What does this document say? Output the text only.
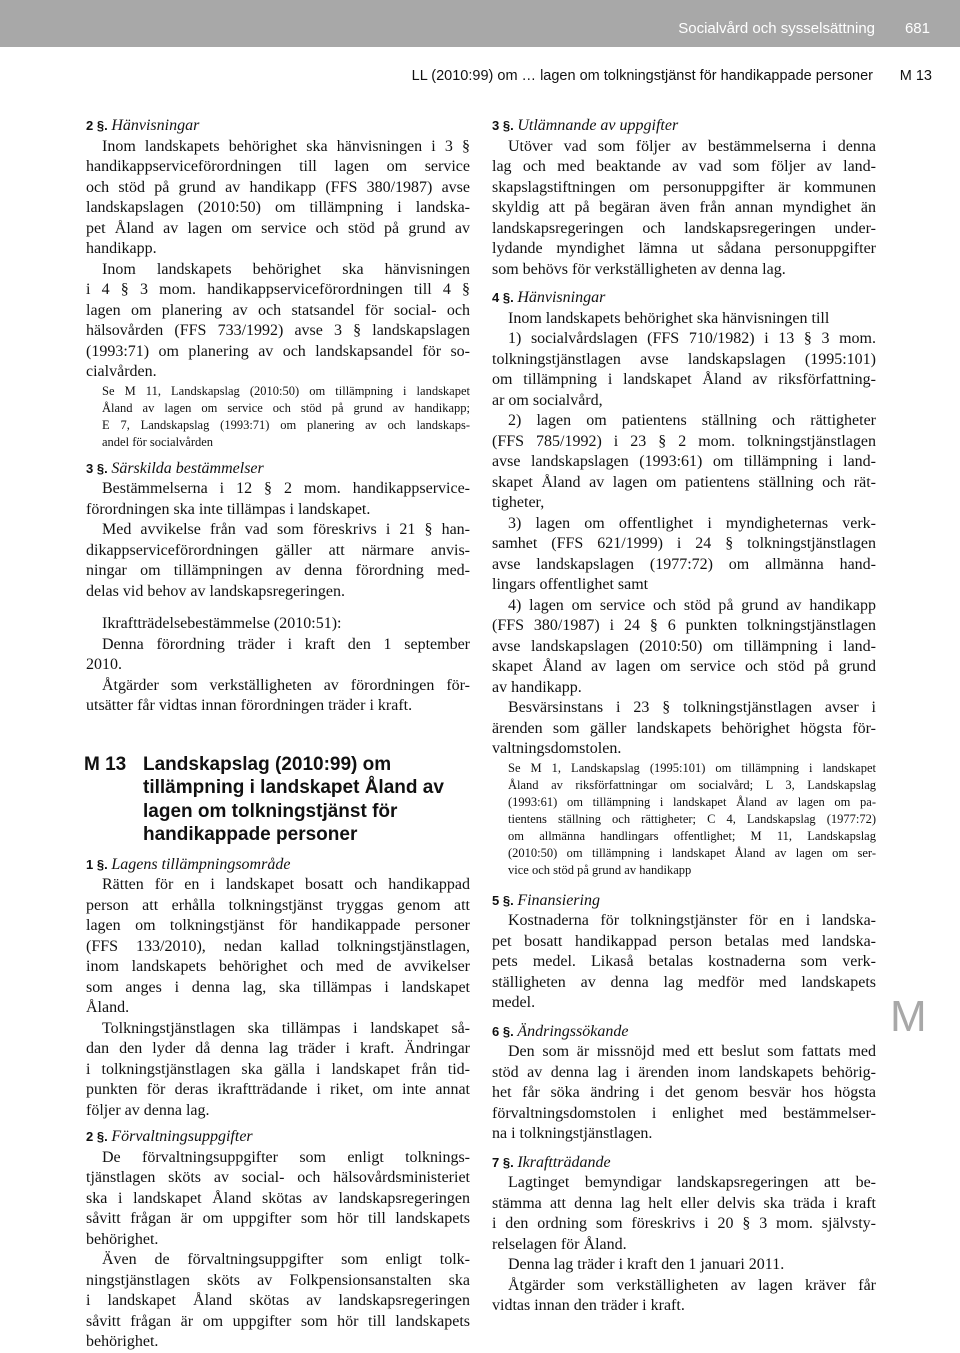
Socialvård och sysselsättning 681
LL (2010:99) om … lagen om tolkningstjänst för handikappade personer M 13
M
2 §. Hänvisningar
Inom landskapets behörighet ska hänvisningen i 3 §
handikappserviceförordningen till lagen om service
och stöd på grund av handikapp (FFS 380/1987) avse
landskapslagen (2010:50) om tillämpning i landska-
pet Åland av lagen om service och stöd på grund av
handikapp.
Inom landskapets behörighet ska hänvisningen
i 4 § 3 mom. handikappserviceförordningen till 4 §
lagen om planering av och statsandel för social- och
hälsovården (FFS 733/1992) avse 3 § landskapslagen
(1993:71) om planering av och landskapsandel för so-
cialvården.
Se M 11, Landskapslag (2010:50) om tillämpning i landskapet
Åland av lagen om service och stöd på grund av handikapp;
E 7, Landskapslag (1993:71) om planering av och landskaps-
andel för socialvården
3 §. Särskilda bestämmelser
Bestämmelserna i 12 § 2 mom. handikappservice-
förordningen ska inte tillämpas i landskapet.
Med avvikelse från vad som föreskrivs i 21 § han-
dikappserviceförordningen gäller att närmare anvis-
ningar om tillämpningen av denna förordning med-
delas vid behov av landskapsregeringen.
Ikraftträdelsebestämmelse (2010:51):
Denna förordning träder i kraft den 1 september
2010.
Åtgärder som verkställigheten av förordningen för-
utsätter får vidtas innan förordningen träder i kraft.
M 13 Landskapslag (2010:99) om tillämpning i landskapet Åland av lagen om tolkningstjänst för handikappade personer
1 §. Lagens tillämpningsområde
Rätten för en i landskapet bosatt och handikappad
person att erhålla tolkningstjänst tryggas genom att
lagen om tolkningstjänst för handikappade personer
(FFS 133/2010), nedan kallad tolkningstjänstlagen,
inom landskapets behörighet och med de avvikelser
som anges i denna lag, ska tillämpas i landskapet
Åland.
Tolkningstjänstlagen ska tillämpas i landskapet så-
dan den lyder då denna lag träder i kraft. Ändringar
i tolkningstjänstlagen ska gälla i landskapet från tid-
punkten för deras ikraftträdande i riket, om inte annat
följer av denna lag.
2 §. Förvaltningsuppgifter
De förvaltningsuppgifter som enligt tolknings-
tjänstlagen sköts av social- och hälsovårdsministeriet
ska i landskapet Åland skötas av landskapsregeringen
såvitt frågan är om uppgifter som hör till landskapets
behörighet.
Även de förvaltningsuppgifter som enligt tolk-
ningstjänstlagen sköts av Folkpensionsanstalten ska
i landskapet Åland skötas av landskapsregeringen
såvitt frågan är om uppgifter som hör till landskapets
behörighet.
3 §. Utlämnande av uppgifter
Utöver vad som följer av bestämmelserna i denna
lag och med beaktande av vad som följer av land-
skapslagstiftningen om personuppgifter är kommunen
skyldig att på begäran även från annan myndighet än
landskapsregeringen och landskapsregeringen under-
lydande myndighet lämna ut sådana personuppgifter
som behövs för verkställigheten av denna lag.
4 §. Hänvisningar
Inom landskapets behörighet ska hänvisningen till
1) socialvårdslagen (FFS 710/1982) i 13 § 3 mom.
tolkningstjänstlagen avse landskapslagen (1995:101)
om tillämpning i landskapet Åland av riksförfattning-
ar om socialvård,
2) lagen om patientens ställning och rättigheter
(FFS 785/1992) i 23 § 2 mom. tolkningstjänstlagen
avse landskapslagen (1993:61) om tillämpning i land-
skapet Åland av lagen om patientens ställning och rät-
tigheter,
3) lagen om offentlighet i myndigheternas verk-
samhet (FFS 621/1999) i 24 § tolkningstjänstlagen
avse landskapslagen (1977:72) om allmänna hand-
lingars offentlighet samt
4) lagen om service och stöd på grund av handikapp
(FFS 380/1987) i 24 § 6 punkten tolkningstjänstlagen
avse landskapslagen (2010:50) om tillämpning i land-
skapet Åland av lagen om service och stöd på grund
av handikapp.
Besvärsinstans i 23 § tolkningstjänstlagen avser i
ärenden som gäller landskapets behörighet högsta för-
valtningsdomstolen.
Se M 1, Landskapslag (1995:101) om tillämpning i landskapet
Åland av riksförfattningar om socialvård; L 3, Landskapslag
(1993:61) om tillämpning i landskapet Åland av lagen om pa-
tientens ställning och rättigheter; C 4, Landskapslag (1977:72)
om allmänna handlingars offentlighet; M 11, Landskapslag
(2010:50) om tillämpning i landskapet Åland av lagen om ser-
vice och stöd på grund av handikapp
5 §. Finansiering
Kostnaderna för tolkningstjänster för en i landska-
pet bosatt handikappad person betalas med landska-
pets medel. Likaså betalas kostnaderna som verk-
ställigheten av denna lag medför med landskapets
medel.
6 §. Ändringssökande
Den som är missnöjd med ett beslut som fattats med
stöd av denna lag i ärenden inom landskapets behörig-
het får söka ändring i det genom besvär hos högsta
förvaltningsdomstolen i enlighet med bestämmelser-
na i tolkningstjänstlagen.
7 §. Ikraftträdande
Lagtinget bemyndigar landskapsregeringen att be-
stämma att denna lag helt eller delvis ska träda i kraft
i den ordning som föreskrivs i 20 § 3 mom. självsty-
relselagen för Åland.
Denna lag träder i kraft den 1 januari 2011.
Åtgärder som verkställigheten av lagen kräver får
vidtas innan den träder i kraft.
